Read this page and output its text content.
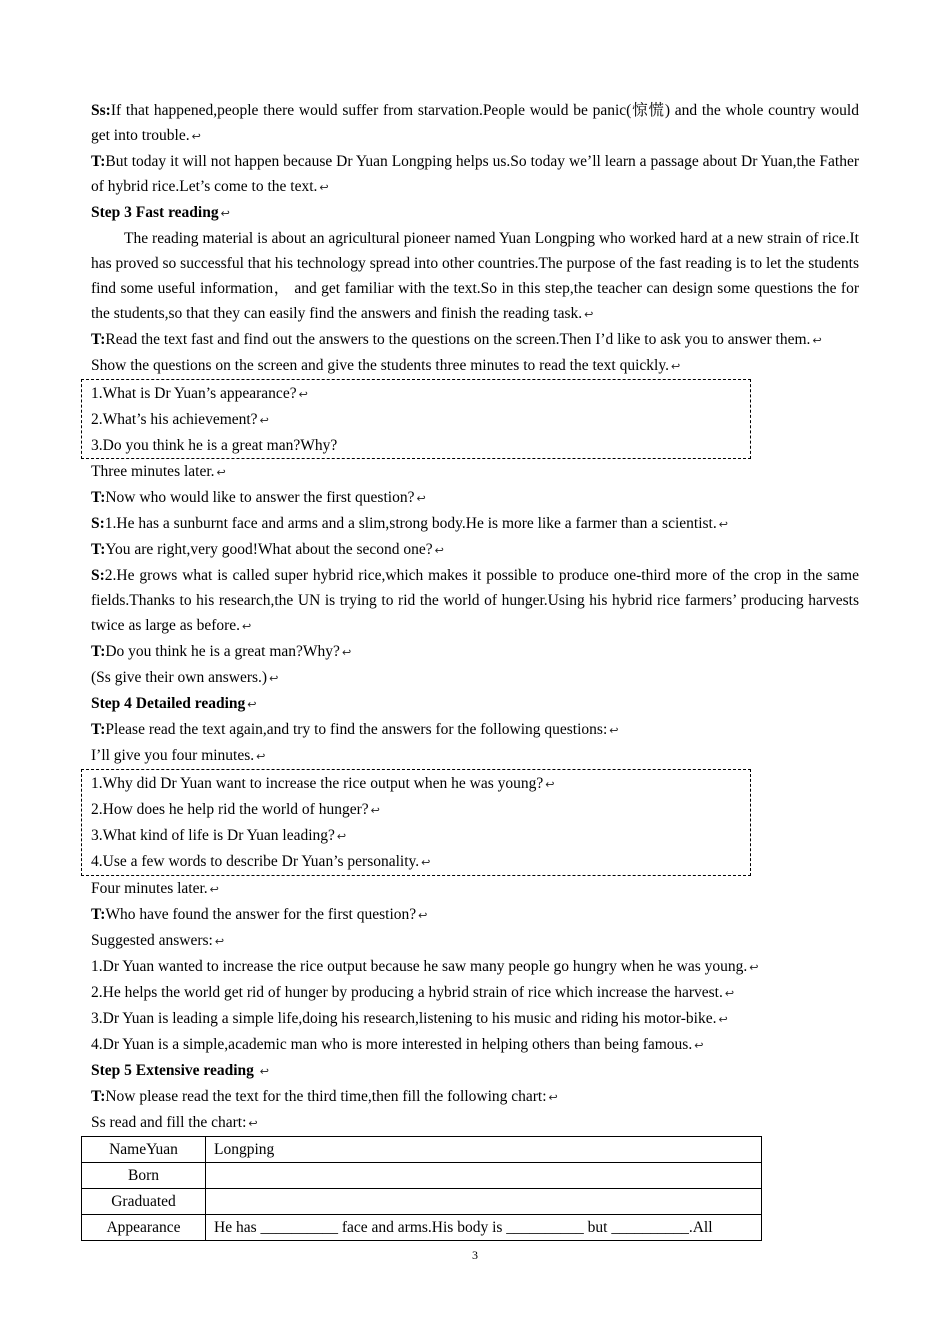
Ss:If that happened,people there would suffer from starvation.People would be panic(惊慌) and the whole country would get into trouble. ↩

T:But today it will not happen because Dr Yuan Longping helps us.So today we’ll learn a passage about Dr Yuan,the Father of hybrid rice.Let’s come to the text. ↩

Step 3 Fast reading ↩

The reading material is about an agricultural pioneer named Yuan Longping who worked hard at a new strain of rice.It has proved so successful that his technology spread into other countries.The purpose of the fast reading is to let the students find some useful information， and get familiar with the text.So in this step,the teacher can design some questions the for the students,so that they can easily find the answers and finish the reading task. ↩

T:Read the text fast and find out the answers to the questions on the screen.Then I’d like to ask you to answer them. ↩

Show the questions on the screen and give the students three minutes to read the text quickly. ↩

1.What is Dr Yuan’s appearance? ↩

2.What’s his achievement? ↩

3.Do you think he is a great man?Why?

Three minutes later. ↩

T:Now who would like to answer the first question? ↩

S:1.He has a sunburnt face and arms and a slim,strong body.He is more like a farmer than a scientist. ↩

T:You are right,very good!What about the second one? ↩

S:2.He grows what is called super hybrid rice,which makes it possible to produce one-third more of the crop in the same fields.Thanks to his research,the UN is trying to rid the world of hunger.Using his hybrid rice farmers’ producing harvests twice as large as before. ↩

T:Do you think he is a great man?Why? ↩

(Ss give their own answers.) ↩

Step 4 Detailed reading ↩

T:Please read the text again,and try to find the answers for the following questions: ↩

I’ll give you four minutes. ↩

1.Why did Dr Yuan want to increase the rice output when he was young? ↩

2.How does he help rid the world of hunger? ↩

3.What kind of life is Dr Yuan leading? ↩

4.Use a few words to describe Dr Yuan’s personality. ↩

Four minutes later. ↩

T:Who have found the answer for the first question? ↩

Suggested answers: ↩

1.Dr Yuan wanted to increase the rice output because he saw many people go hungry when he was young. ↩

2.He helps the world get rid of hunger by producing a hybrid strain of rice which increase the harvest. ↩

3.Dr Yuan is leading a simple life,doing his research,listening to his music and riding his motor-bike. ↩

4.Dr Yuan is a simple,academic man who is more interested in helping others than being famous. ↩

Step 5 Extensive reading ↩

T:Now please read the text for the third time,then fill the following chart: ↩

Ss read and fill the chart: ↩

NameYuan	Longping
Born	
Graduated	
Appearance	He has __________ face and arms.His body is __________ but __________.All
3
